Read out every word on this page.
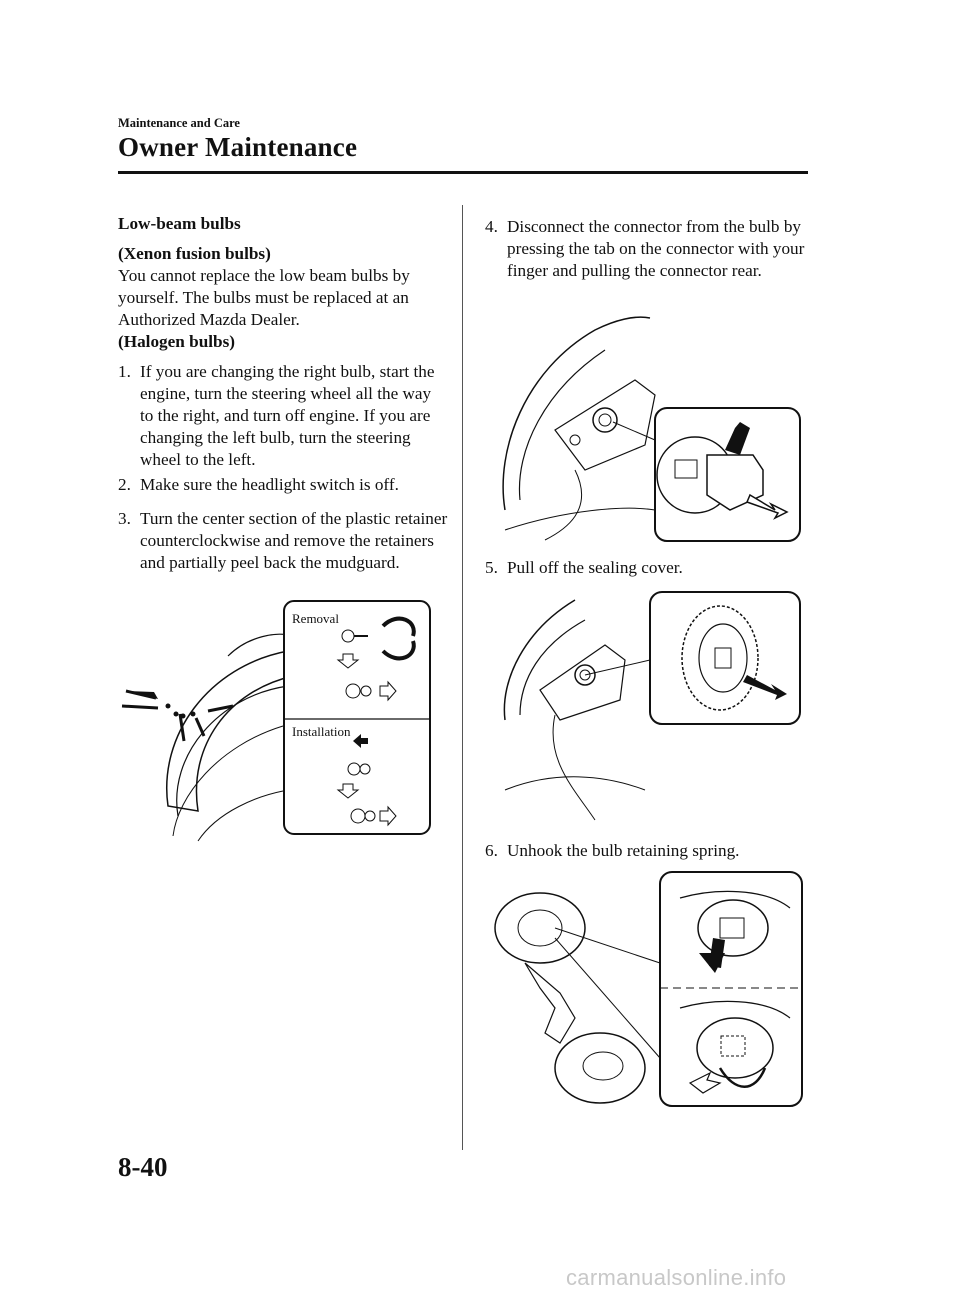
Maintenance and Care
Owner Maintenance
Low-beam bulbs
(Xenon fusion bulbs)
You cannot replace the low beam bulbs by yourself. The bulbs must be replaced at an Authorized Mazda Dealer.
(Halogen bulbs)
1. If you are changing the right bulb, start the engine, turn the steering wheel all the way to the right, and turn off engine. If you are changing the left bulb, turn the steering wheel to the left.
2. Make sure the headlight switch is off.
3. Turn the center section of the plastic retainer counterclockwise and remove the retainers and partially peel back the mudguard.
Removal
Installation
4. Disconnect the connector from the bulb by pressing the tab on the connector with your finger and pulling the connector rear.
5. Pull off the sealing cover.
6. Unhook the bulb retaining spring.
8-40
carmanualsonline.info
